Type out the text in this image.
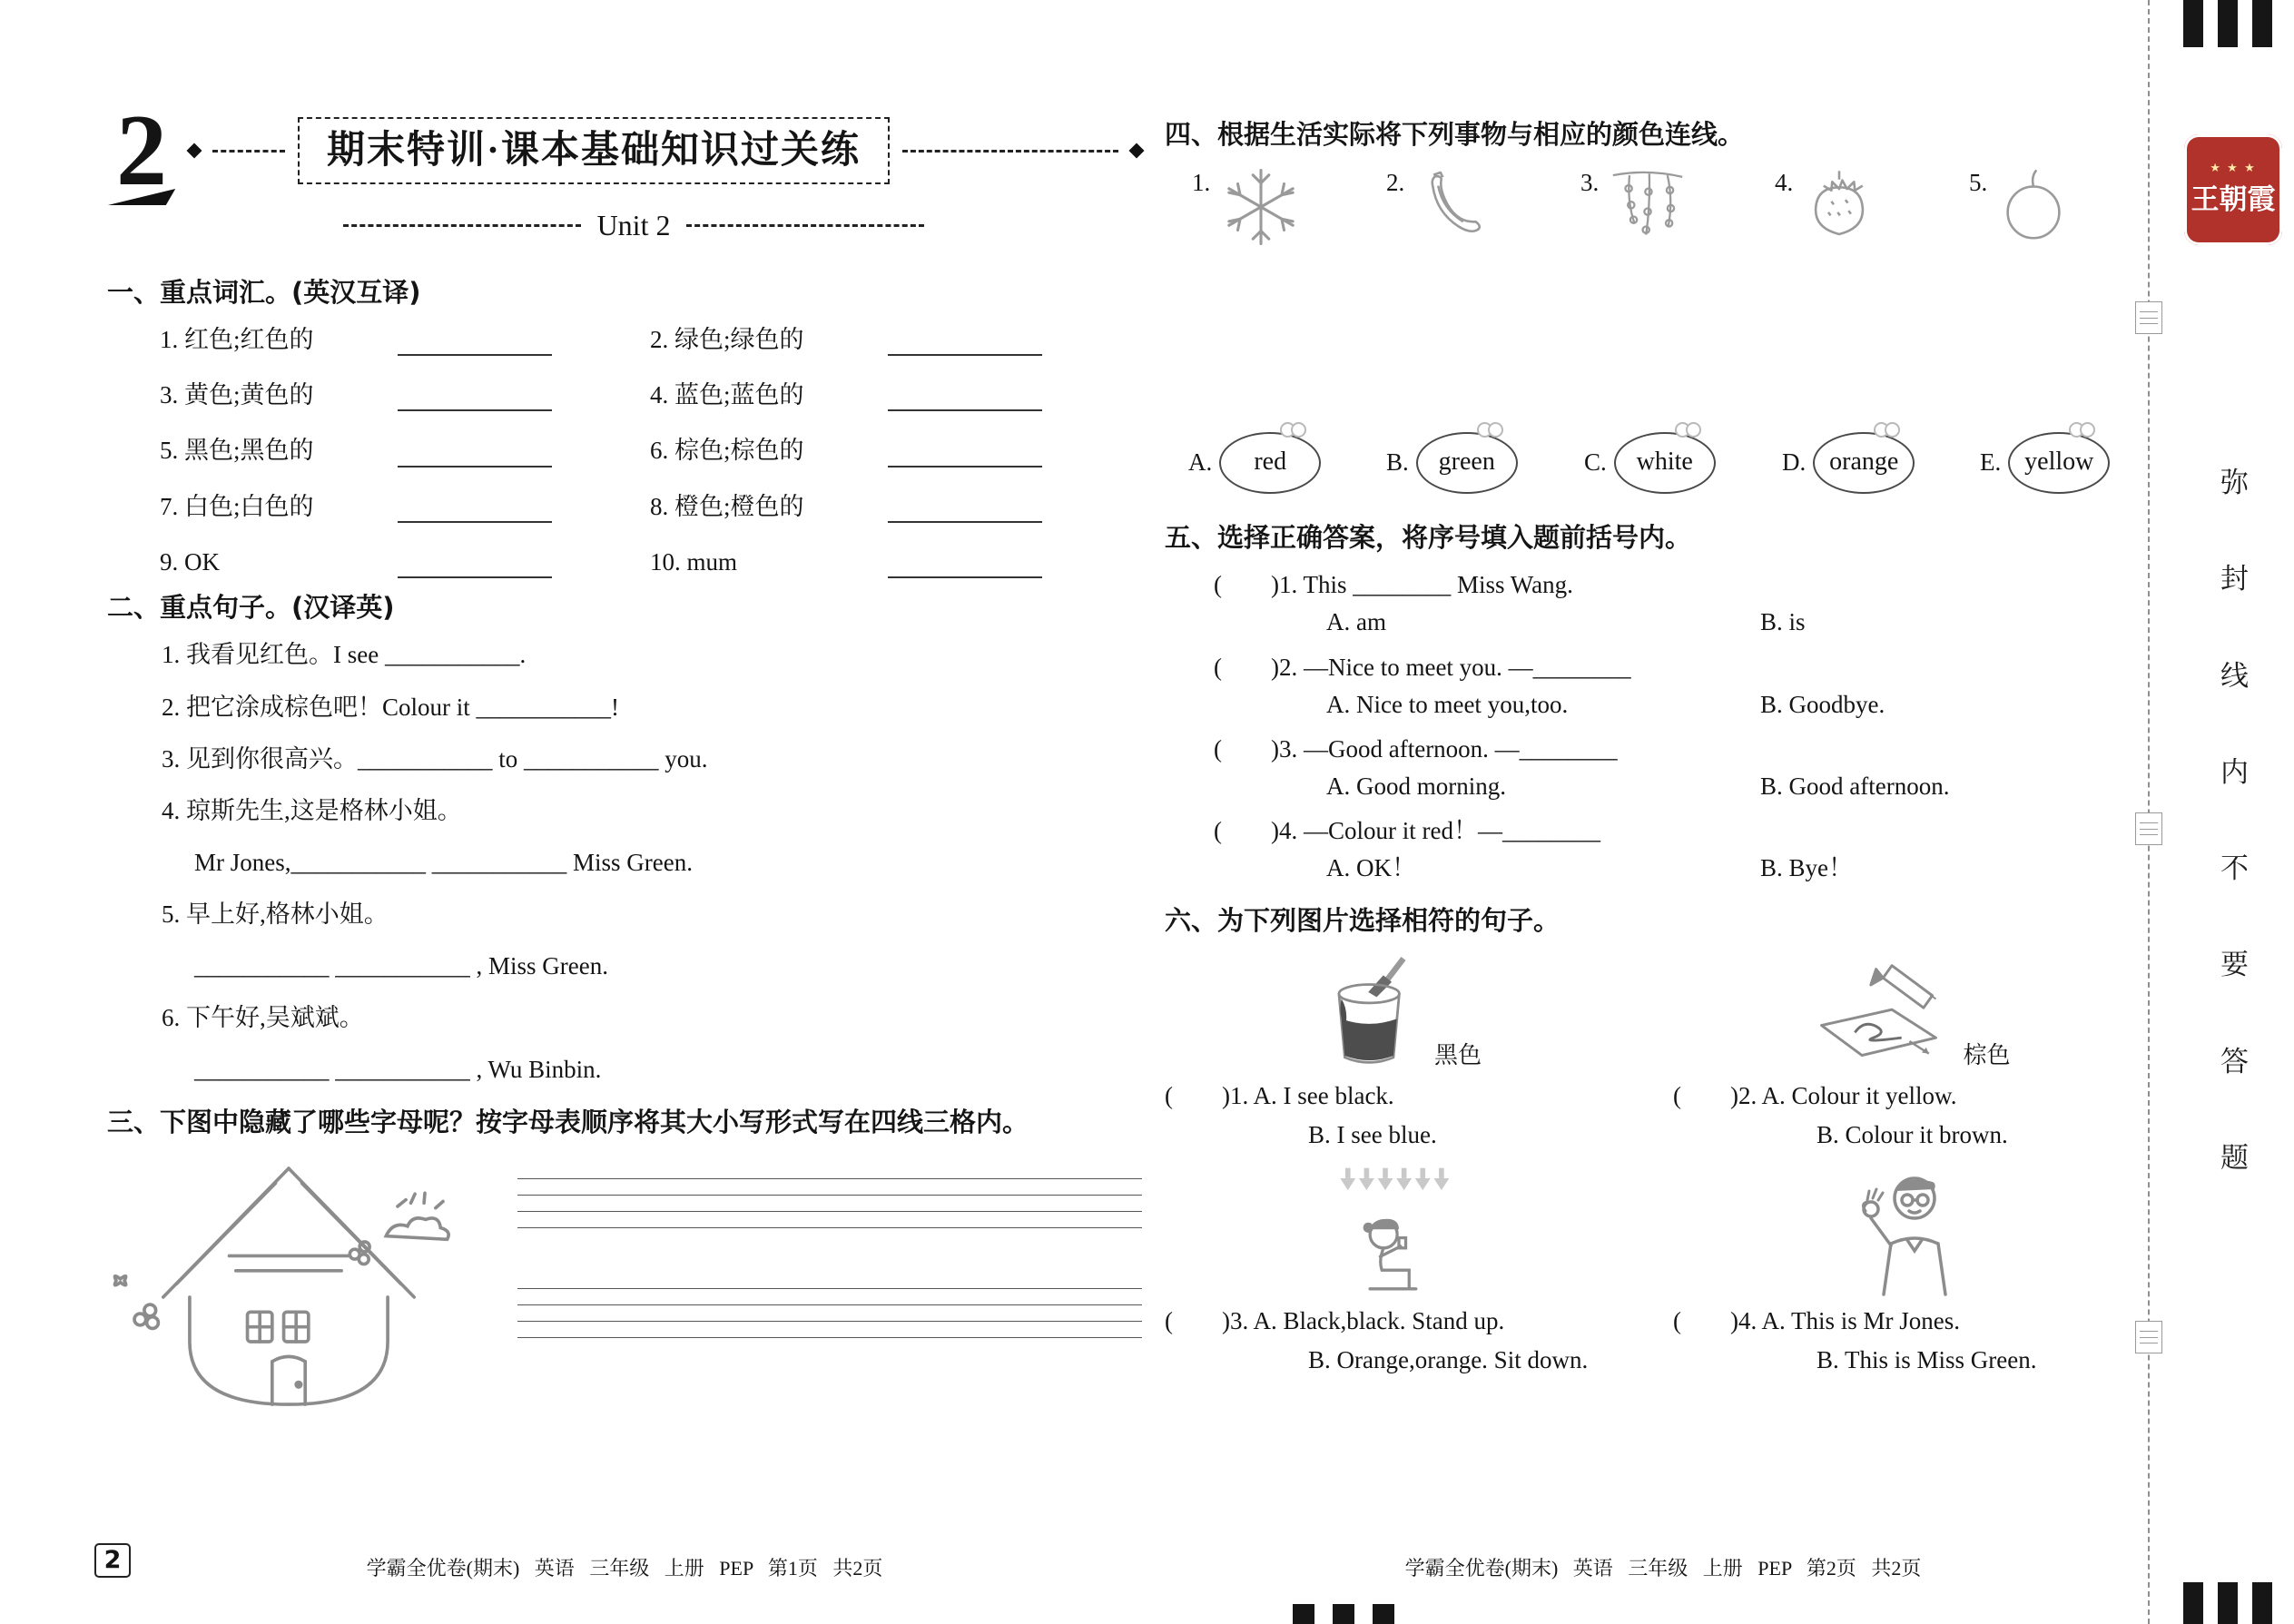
2	期末特训·课本基础知识过关练
Unit 2
一、重点词汇。(英汉互译)
1. 红色;红色的	2. 绿色;绿色的
3. 黄色;黄色的	4. 蓝色;蓝色的
5. 黑色;黑色的	6. 棕色;棕色的
7. 白色;白色的	8. 橙色;橙色的
9. OK	10. mum
二、重点句子。(汉译英)
1. 我看见红色。I see ___________.
2. 把它涂成棕色吧！Colour it ___________!
3. 见到你很高兴。___________ to ___________ you.
4. 琼斯先生,这是格林小姐。
Mr Jones,___________ ___________ Miss Green.
5. 早上好,格林小姐。
___________ ___________ , Miss Green.
6. 下午好,吴斌斌。
___________ ___________ , Wu Binbin.
三、下图中隐藏了哪些字母呢？按字母表顺序将其大小写形式写在四线三格内。
四、根据生活实际将下列事物与相应的颜色连线。
1.	2.	3.	4.	5.
A. red	B. green	C. white	D. orange	E. yellow
五、选择正确答案，将序号填入题前括号内。
(        )1. This ________ Miss Wang.
A. am	B. is
(        )2. —Nice to meet you. —________
A. Nice to meet you,too.	B. Goodbye.
(        )3. —Good afternoon. —________
A. Good morning.	B. Good afternoon.
(        )4. —Colour it red！—________
A. OK！	B. Bye！
六、为下列图片选择相符的句子。
黑色	棕色
(        )1. A. I see black.
B. I see blue.
(        )2. A. Colour it yellow.
B. Colour it brown.
(        )3. A. Black,black. Stand up.
B. Orange,orange. Sit down.
(        )4. A. This is Mr Jones.
B. This is Miss Green.
2	学霸全优卷(期末)   英语   三年级   上册   PEP   第1页   共2页	学霸全优卷(期末)   英语   三年级   上册   PEP   第2页   共2页
★ ★ ★
王朝霞
弥
封
线
内
不
要
答
题
